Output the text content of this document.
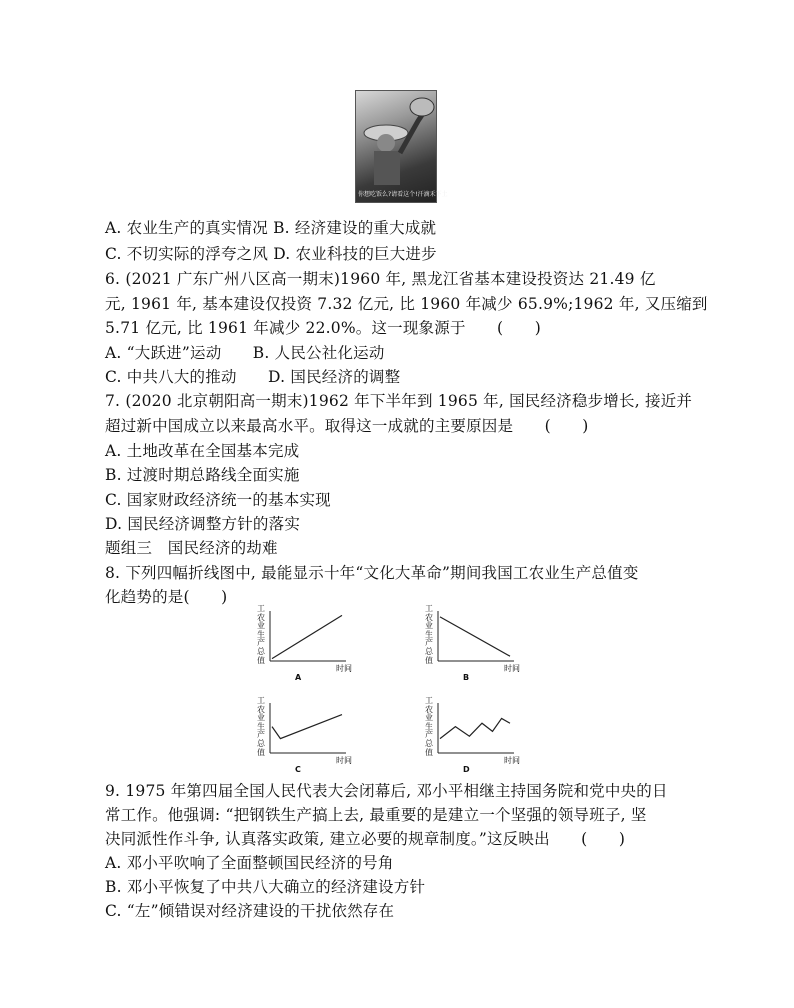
你想吃饭么?请看这个!汗滴禾下土
A. 农业生产的真实情况 B. 经济建设的重大成就
C. 不切实际的浮夸之风 D. 农业科技的巨大进步
6. (2021 广东广州八区高一期末)1960 年, 黑龙江省基本建设投资达 21.49 亿
元, 1961 年, 基本建设仅投资 7.32 亿元, 比 1960 年减少 65.9%;1962 年, 又压缩到
5.71 亿元, 比 1961 年减少 22.0%。这一现象源于　　(　　)
A. “大跃进”运动　　B. 人民公社化运动
C. 中共八大的推动　　D. 国民经济的调整
7. (2020 北京朝阳高一期末)1962 年下半年到 1965 年, 国民经济稳步增长, 接近并
超过新中国成立以来最高水平。取得这一成就的主要原因是　　(　　)
A. 土地改革在全国基本完成
B. 过渡时期总路线全面实施
C. 国家财政经济统一的基本实现
D. 国民经济调整方针的落实
题组三　国民经济的劫难
8. 下列四幅折线图中, 最能显示十年“文化大革命”期间我国工农业生产总值变
化趋势的是(　　)
工农业生产总值
时间
A
工农业生产总值
时间
B
工农业生产总值
时间
C
工农业生产总值
时间
D
9. 1975 年第四届全国人民代表大会闭幕后, 邓小平相继主持国务院和党中央的日
常工作。他强调: “把钢铁生产搞上去, 最重要的是建立一个坚强的领导班子, 坚
决同派性作斗争, 认真落实政策, 建立必要的规章制度。”这反映出　　(　　)
A. 邓小平吹响了全面整顿国民经济的号角
B. 邓小平恢复了中共八大确立的经济建设方针
C. “左”倾错误对经济建设的干扰依然存在
